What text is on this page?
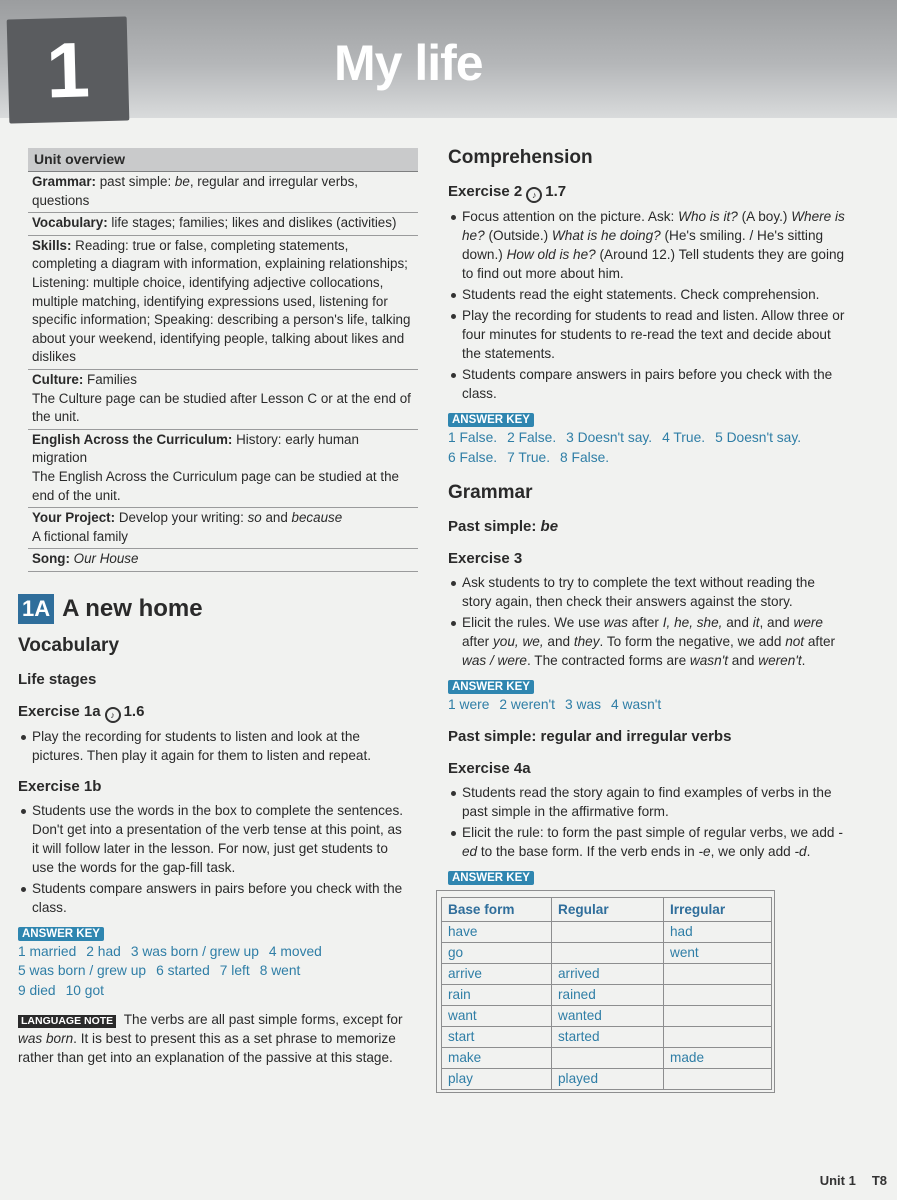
1	My life
Unit overview
Grammar: past simple: be, regular and irregular verbs, questions
Vocabulary: life stages; families; likes and dislikes (activities)
Skills: Reading: true or false, completing statements, completing a diagram with information, explaining relationships; Listening: multiple choice, identifying adjective collocations, multiple matching, identifying expressions used, listening for specific information; Speaking: describing a person's life, talking about your weekend, identifying people, talking about likes and dislikes
Culture: Families
The Culture page can be studied after Lesson C or at the end of the unit.
English Across the Curriculum: History: early human migration
The English Across the Curriculum page can be studied at the end of the unit.
Your Project: Develop your writing: so and because
A fictional family
Song: Our House
1A A new home
Vocabulary
Life stages
Exercise 1a ♪ 1.6
Play the recording for students to listen and look at the pictures. Then play it again for them to listen and repeat.
Exercise 1b
Students use the words in the box to complete the sentences. Don't get into a presentation of the verb tense at this point, as it will follow later in the lesson. For now, just get students to use the words for the gap-fill task.
Students compare answers in pairs before you check with the class.
ANSWER KEY
1 married 2 had 3 was born / grew up 4 moved
5 was born / grew up 6 started 7 left 8 went
9 died 10 got

LANGUAGE NOTE The verbs are all past simple forms, except for was born. It is best to present this as a set phrase to memorize rather than get into an explanation of the passive at this stage.

Comprehension
Exercise 2 ♪ 1.7
Focus attention on the picture. Ask: Who is it? (A boy.) Where is he? (Outside.) What is he doing? (He's smiling. / He's sitting down.) How old is he? (Around 12.) Tell students they are going to find out more about him.
Students read the eight statements. Check comprehension.
Play the recording for students to read and listen. Allow three or four minutes for students to re-read the text and decide about the statements.
Students compare answers in pairs before you check with the class.
ANSWER KEY
1 False. 2 False. 3 Doesn't say. 4 True. 5 Doesn't say.
6 False. 7 True. 8 False.
Grammar
Past simple: be
Exercise 3
Ask students to try to complete the text without reading the story again, then check their answers against the story.
Elicit the rules. We use was after I, he, she, and it, and were after you, we, and they. To form the negative, we add not after was / were. The contracted forms are wasn't and weren't.
ANSWER KEY
1 were 2 weren't 3 was 4 wasn't
Past simple: regular and irregular verbs
Exercise 4a
Students read the story again to find examples of verbs in the past simple in the affirmative form.
Elicit the rule: to form the past simple of regular verbs, we add -ed to the base form. If the verb ends in -e, we only add -d.
ANSWER KEY
Base form	Regular	Irregular
have		had
go		went
arrive	arrived	
rain	rained	
want	wanted	
start	started	
make		made
play	played	
Unit 1 T8
